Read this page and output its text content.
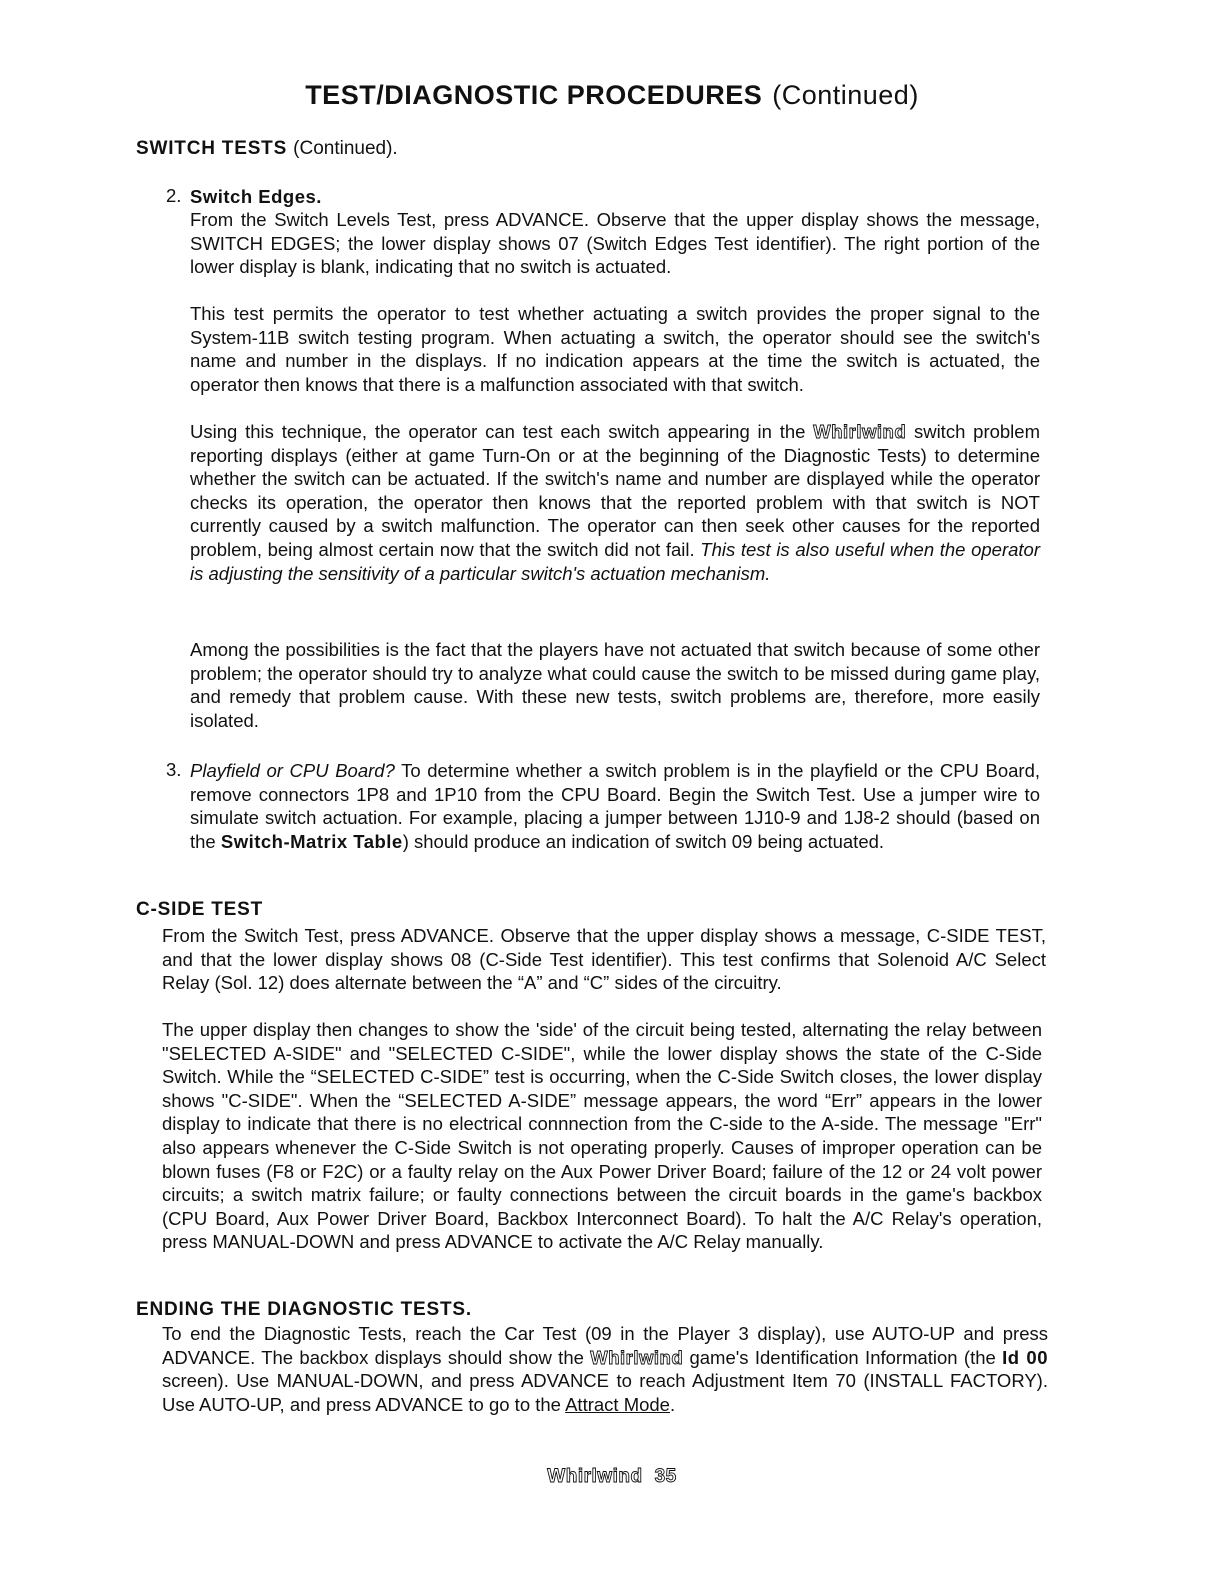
TEST/DIAGNOSTIC PROCEDURES (Continued)
SWITCH TESTS (Continued).
2. Switch Edges.

From the Switch Levels Test, press ADVANCE. Observe that the upper display shows the message, SWITCH EDGES; the lower display shows 07 (Switch Edges Test identifier). The right portion of the lower display is blank, indicating that no switch is actuated.

This test permits the operator to test whether actuating a switch provides the proper signal to the System-11B switch testing program. When actuating a switch, the operator should see the switch's name and number in the displays. If no indication appears at the time the switch is actuated, the operator then knows that there is a malfunction associated with that switch.

Using this technique, the operator can test each switch appearing in the Whirlwind switch problem reporting displays (either at game Turn-On or at the beginning of the Diagnostic Tests) to determine whether the switch can be actuated. If the switch's name and number are displayed while the operator checks its operation, the operator then knows that the reported problem with that switch is NOT currently caused by a switch malfunction. The operator can then seek other causes for the reported problem, being almost certain now that the switch did not fail. This test is also useful when the operator is adjusting the sensitivity of a particular switch's actuation mechanism.

Among the possibilities is the fact that the players have not actuated that switch because of some other problem; the operator should try to analyze what could cause the switch to be missed during game play, and remedy that problem cause. With these new tests, switch problems are, therefore, more easily isolated.

3. Playfield or CPU Board? To determine whether a switch problem is in the playfield or the CPU Board, remove connectors 1P8 and 1P10 from the CPU Board. Begin the Switch Test. Use a jumper wire to simulate switch actuation. For example, placing a jumper between 1J10-9 and 1J8-2 should (based on the Switch-Matrix Table) should produce an indication of switch 09 being actuated.

C-SIDE TEST

From the Switch Test, press ADVANCE. Observe that the upper display shows a message, C-SIDE TEST, and that the lower display shows 08 (C-Side Test identifier). This test confirms that Solenoid A/C Select Relay (Sol. 12) does alternate between the “A” and “C” sides of the circuitry.

The upper display then changes to show the 'side' of the circuit being tested, alternating the relay between "SELECTED A-SIDE" and "SELECTED C-SIDE", while the lower display shows the state of the C-Side Switch. While the “SELECTED C-SIDE” test is occurring, when the C-Side Switch closes, the lower display shows "C-SIDE". When the “SELECTED A-SIDE” message appears, the word “Err” appears in the lower display to indicate that there is no electrical connnection from the C-side to the A-side. The message "Err" also appears whenever the C-Side Switch is not operating properly. Causes of improper operation can be blown fuses (F8 or F2C) or a faulty relay on the Aux Power Driver Board; failure of the 12 or 24 volt power circuits; a switch matrix failure; or faulty connections between the circuit boards in the game's backbox (CPU Board, Aux Power Driver Board, Backbox Interconnect Board). To halt the A/C Relay's operation, press MANUAL-DOWN and press ADVANCE to activate the A/C Relay manually.

ENDING THE DIAGNOSTIC TESTS.

To end the Diagnostic Tests, reach the Car Test (09 in the Player 3 display), use AUTO-UP and press ADVANCE. The backbox displays should show the Whirlwind game's Identification Information (the Id 00 screen). Use MANUAL-DOWN, and press ADVANCE to reach Adjustment Item 70 (INSTALL FACTORY). Use AUTO-UP, and press ADVANCE to go to the Attract Mode.

Whirlwind 35
